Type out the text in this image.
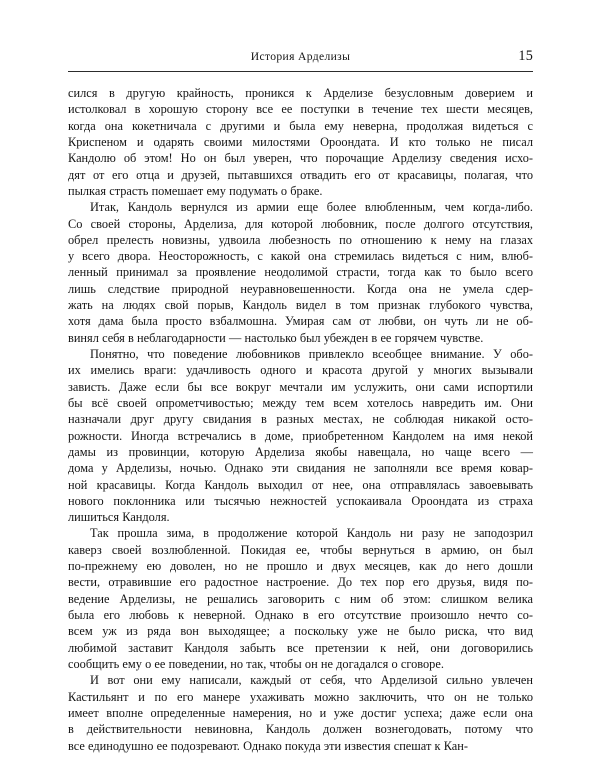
История Арделизы	15

сился в другую крайность, проникся к Арделизе безусловным доверием и
истолковал в хорошую сторону все ее поступки в течение тех шести месяцев,
когда она кокетничала с другими и была ему неверна, продолжая видеться с
Криспеном и одарять своими милостями Ороондата. И кто только не писал
Кандолю об этом! Но он был уверен, что порочащие Арделизу сведения исхо-
дят от его отца и друзей, пытавшихся отвадить его от красавицы, полагая, что
пылкая страсть помешает ему подумать о браке.

Итак, Кандоль вернулся из армии еще более влюбленным, чем когда-либо.
Со своей стороны, Арделиза, для которой любовник, после долгого отсутствия,
обрел прелесть новизны, удвоила любезность по отношению к нему на глазах
у всего двора. Неосторожность, с какой она стремилась видеться с ним, влюб-
ленный принимал за проявление неодолимой страсти, тогда как то было всего
лишь следствие природной неуравновешенности. Когда она не умела сдер-
жать на людях свой порыв, Кандоль видел в том признак глубокого чувства,
хотя дама была просто взбалмошна. Умирая сам от любви, он чуть ли не об-
винял себя в неблагодарности — настолько был убежден в ее горячем чувстве.

Понятно, что поведение любовников привлекло всеобщее внимание. У обо-
их имелись враги: удачливость одного и красота другой у многих вызывали
зависть. Даже если бы все вокруг мечтали им услужить, они сами испортили
бы всё своей опрометчивостью; между тем всем хотелось навредить им. Они
назначали друг другу свидания в разных местах, не соблюдая никакой осто-
рожности. Иногда встречались в доме, приобретенном Кандолем на имя некой
дамы из провинции, которую Арделиза якобы навещала, но чаще всего —
дома у Арделизы, ночью. Однако эти свидания не заполняли все время ковар-
ной красавицы. Когда Кандоль выходил от нее, она отправлялась завоевывать
нового поклонника или тысячью нежностей успокаивала Ороондата из страха
лишиться Кандоля.

Так прошла зима, в продолжение которой Кандоль ни разу не заподозрил
каверз своей возлюбленной. Покидая ее, чтобы вернуться в армию, он был
по-прежнему ею доволен, но не прошло и двух месяцев, как до него дошли
вести, отравившие его радостное настроение. До тех пор его друзья, видя по-
ведение Арделизы, не решались заговорить с ним об этом: слишком велика
была его любовь к неверной. Однако в его отсутствие произошло нечто со-
всем уж из ряда вон выходящее; а поскольку уже не было риска, что вид
любимой заставит Кандоля забыть все претензии к ней, они договорились
сообщить ему о ее поведении, но так, чтобы он не догадался о сговоре.

И вот они ему написали, каждый от себя, что Арделизой сильно увлечен
Кастильянт и по его манере ухаживать можно заключить, что он не только
имеет вполне определенные намерения, но и уже достиг успеха; даже если она
в действительности невиновна, Кандоль должен вознегодовать, потому что
все единодушно ее подозревают. Однако покуда эти известия спешат к Кан-
